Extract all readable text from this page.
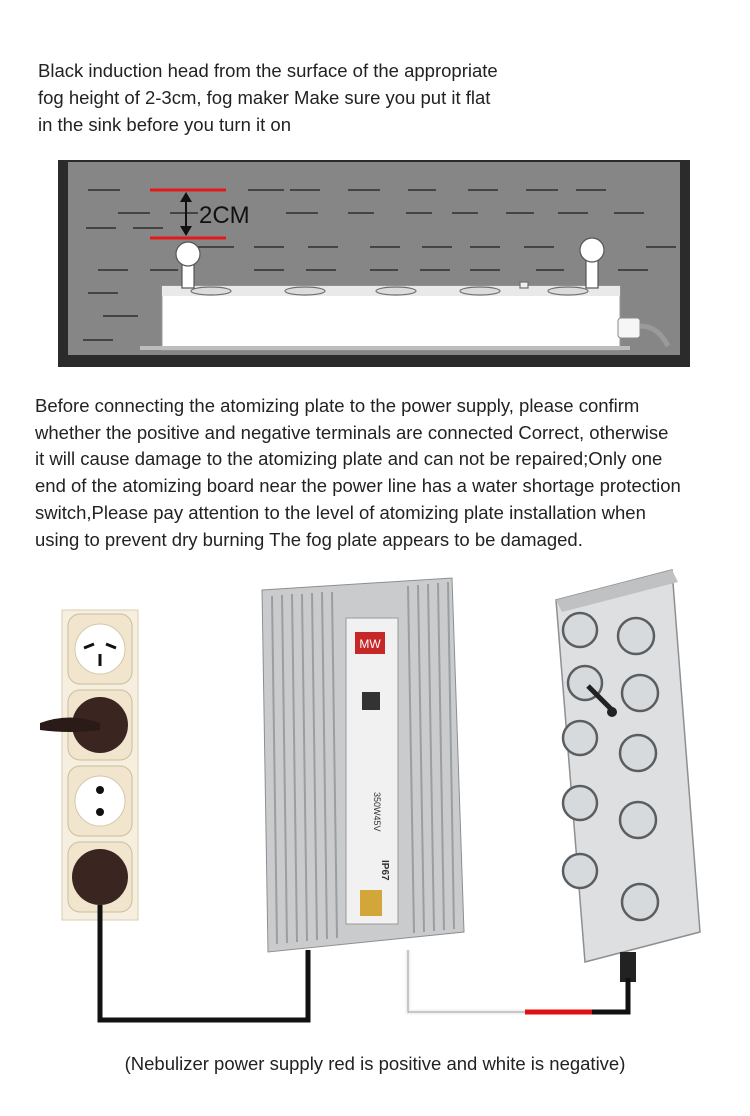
Black induction head from the surface of the appropriate
fog height of 2-3cm, fog maker Make sure you put it flat
in the sink before you turn it on
2CM
Before connecting the atomizing plate to the power supply, please confirm
whether the positive and negative terminals are connected Correct, otherwise
it will cause damage to the atomizing plate and can not be repaired;Only one
end of the atomizing board near the power line has a water shortage protection
switch,Please pay attention to the level of atomizing plate installation when
using to prevent dry burning The fog plate appears to be damaged.
MW
350W45V
IP67
(Nebulizer power supply red is positive and white is negative)
